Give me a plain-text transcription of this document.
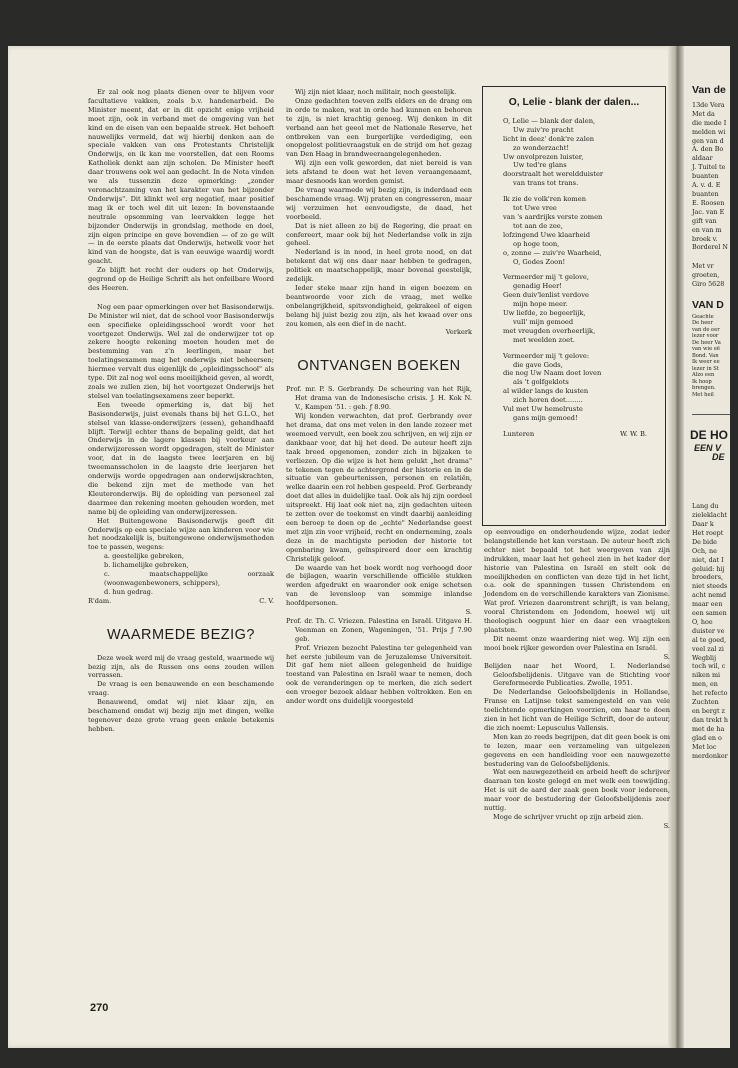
Er zal ook nog plaats dienen over te blijven voor facultatieve vakken, zoals b.v. handenarbeid. De Minister meent, dat er in dit opzicht enige vrijheid moet zijn, ook in verband met de omgeving van het kind en de eisen van een bepaalde streek. Het behoeft nauwelijks vermeld, dat wij hierbij denken aan de speciale vakken van ons Protestants Christelijk Onderwijs, en ik kan me voorstellen, dat een Rooms Katholiek denkt aan zijn scholen. De Minister heeft daar trouwens ook wel aan gedacht. In de Nota vinden we als tussenzin deze opmerking: „zonder veronachtzaming van het karakter van het bijzonder Onderwijs". Dit klinkt wel erg negatief, maar positief mag ik er toch wel dit uit lezen: In bovenstaande neutrale opsomming van leervakken legge het bijzonder Onderwijs in grondslag, methode en doel, zijn eigen principe en geve bovendien — of zo ge wilt — in de eerste plaats dat Onderwijs, hetwelk voor het kind van de hoogste, dat is van eeuwige waardij wordt geacht.

Zo blijft het recht der ouders op het Onderwijs, gegrond op de Heilige Schrift als het onfeilbare Woord des Heeren.

Nog een paar opmerkingen over het Basisonderwijs. De Minister wil niet, dat de school voor Basisonderwijs een specifieke opleidingsschool wordt voor het voortgezet Onderwijs. Wel zal de onderwijzer tot op zekere hoogte rekening moeten houden met de bestemming van z'n leerlingen, maar het toelatingsexamen mag het onderwijs niet beheersen; hiermee vervalt dus eigenlijk de „opleidingsschool" als type. Dit zal nog wel eens moeilijkheid geven, al wordt, zoals we zullen zien, bij het voortgezet Onderwijs het stelsel van toelatingsexamens zeer beperkt.

Een tweede opmerking is, dat bij het Basisonderwijs, juist evenals thans bij het G.L.O., het stelsel van klasse-onderwijzers (essen), gehandhaafd blijft. Terwijl echter thans de bepaling geldt, dat het Onderwijs in de lagere klassen bij voorkeur aan onderwijzeressen wordt opgedragen, stelt de Minister voor, dat in de laagste twee leerjaren en bij tweemansscholen in de laagste drie leerjaren het onderwijs worde opgedragen aan onderwijskrachten, die bekend zijn met de methode van het Kleuteronderwijs. Bij de opleiding van personeel zal daarmee dan rekening moeten gehouden worden, met name bij de opleiding van onderwijzeressen.

Het Buitengewone Basisonderwijs geeft dit Onderwijs op een speciale wijze aan kinderen voor wie het noodzakelijk is, buitengewone onderwijsmethoden toe te passen, wegens:

a. geestelijke gebreken,
b. lichamelijke gebreken,
c. maatschappelijke oorzaak (woonwagenbewoners, schippers),
d. hun gedrag.
R'dam.	C. V.
WAARMEDE BEZIG?

Deze week werd mij de vraag gesteld, waarmede wij bezig zijn, als de Russen ons eens zouden willen verrassen.

De vraag is een benauwende en een beschamende vraag.

Benauwend, omdat wij niet klaar zijn, en beschamend omdat wij bezig zijn met dingen, welke tegenover deze grote vraag geen enkele betekenis hebben.

Wij zijn niet klaar, noch militair, noch geestelijk.

Onze gedachten toeven zelfs elders en de drang om in orde te maken, wat in orde had kunnen en behoren te zijn, is niet krachtig genoeg. Wij denken in dit verband aan het geeol met de Nationale Reserve, het ontbreken van een burgerlijke verdediging, een onopgelost politievraagstuk en de strijd om het gezag van Den Haag in brandweeraangelegenheden.

Wij zijn een volk geworden, dat niet bereid is van iets afstand te doen wat het leven veraangenaamt, maar desnoods kan worden gemist.

De vraag waarmede wij bezig zijn, is inderdaad een beschamende vraag. Wij praten en congresseren, maar wij verzuimen het eenvoudigste, de daad, het voorbeeld.

Dat is niet alleen zo bij de Regering, die praat en confereert, maar ook bij het Nederlandse volk in zijn geheel.

Nederland is in nood, in heel grote nood, en dat betekent dat wij ons daar naar hebben te gedragen, politiek en maatschappelijk, maar bovenal geestelijk, zedelijk.

Ieder steke maar zijn hand in eigen boezem en beantwoorde voor zich de vraag, met welke onbelangrijkheid, spitsvondigheid, gekrakeel of eigen belang hij juist bezig zou zijn, als het kwaad over ons zou komen, als een dief in de nacht.

Verkerk

ONTVANGEN BOEKEN

Prof. mr. P. S. Gerbrandy. De scheuring van het Rijk, Het drama van de Indonesische crisis. J. H. Kok N. V., Kampen '51. : geb. ƒ 8.90.

Wij konden verwachten, dat prof. Gerbrandy over het drama, dat ons met velen in den lande zozeer met weemoed vervult, een boek zou schrijven, en wij zijn er dankbaar voor, dat hij het deed. De auteur heeft zijn taak breed opgenomen, zonder zich in bijzaken te verliezen. Op die wijze is het hem gelukt „het drama" te tekenen tegen de achtergrond der historie en in de situatie van gebeurtenissen, personen en relatiën, welke daarin een rol hebben gespeeld. Prof. Gerbrandy doet dat alles in duidelijke taal. Ook als hij zijn oordeel uitspreekt. Hij laat ook niet na, zijn gedachten uiteen te zetten over de toekomst en vindt daarbij aanleiding een beroep te doen op de „echte" Nederlandse geest met zijn zin voor vrijheid, recht en onderneming, zoals deze in de machtigste perioden der historie tot openbaring kwam, geïnspireerd door een krachtig Christelijk geloof.

De waarde van het boek wordt nog verhoogd door de bijlagen, waarin verschillende officiële stukken werden afgedrukt en waaronder ook enige schetsen van de levensloop van sommige inlandse hoofdpersonen.

S.

Prof. dr. Th. C. Vriezen. Palestina en Israël. Uitgave H. Veenman en Zonen, Wageningen, '51. Prijs ƒ 7.90 geb.

Prof. Vriezen bezocht Palestina ter gelegenheid van het eerste jubileum van de Jeruzalemse Universiteit. Dit gaf hem niet alleen gelegenheid de huidige toestand van Palestina en Israël waar te nemen, doch ook de veranderingen op te merken, die zich sedert een vroeger bezoek aldaar hebben voltrokken. Een en ander wordt ons duidelijk voorgesteld

O, Lelie - blank der dalen...
O, Lelie — blank der dalen,
Uw zuiv're pracht
licht in deez' donk're zalen
zo wonderzacht!
Uw onvolprezen luister,
Uw ted're glans
doorstraalt het wereldduister
van trans tot trans.
Ik zie de volk'ren komen
tot Uwe vree
van 's aardrijks verste zomen
tot aan de zee,
lofzingend Uwe klaarheid
op hoge toon,
o, zonne — zuiv're Waarheid,
O, Godes Zoon!
Vermeerder mij 't gelove,
genadig Heer!
Geen duiv'lenlist verdove
mijn hope meer.
Uw liefde, zo begeerlijk,
vull' mijn gemoed
met vreugden overheerlijk,
met weelden zoet.
Vermeerder mij 't gelove:
die gave Gods,
die nog Uw Naam doet loven
als 't golfgeklots
al wilder langs de kusten
zich horen doet........
Vul met Uw hemelruste
gans mijn gemoed!
Lunteren	W. W. B.

op eenvoudige en onderhoudende wijze, zodat ieder belangstellende het kan verstaan. De auteur heeft zich echter niet bepaald tot het weergeven van zijn indrukken, maar laat het geheel zien in het kader der historie van Palestina en Israël en stelt ook de moeilijkheden en conflicten van deze tijd in het licht, o.a. ook de spanningen tussen Christendom en Jodendom en de verschillende karakters van Zionisme. Wat prof. Vriezen daaromtrent schrijft, is van belang, vooral Christendom en Jodendom, hoewel wij uit theologisch oogpunt hier en daar een vraagteken plaatsten.

Dit neemt onze waardering niet weg. Wij zijn een mooi boek rijker geworden over Palestina en Israël.

S.

Belijden naar het Woord, I. Nederlandse Geloofsbelijdenis. Uitgave van de Stichting voor Gereformeerde Publicaties. Zwolle, 1951.

De Nederlandse Geloofsbelijdenis in Hollandse, Franse en Latijnse tekst samengesteld en van vele toelichtende opmerkingen voorzien, om haar te doen zien in het licht van de Heilige Schrift, door de auteur, die zich noemt: Lepusculus Vallensis.

Men kan zo reeds begrijpen, dat dit geen boek is om te lezen, maar een verzameling van uitgelezen gegevens en een handleiding voor een nauwgezette bestudering van de Geloofsbelijdenis.

Wat een nauwgezetheid en arbeid heeft de schrijver daaraan ten koste gelegd en met welk een toewijding. Het is uit de aard der zaak geen boek voor iedereen, maar voor de bestudering der Geloofsbelijdenis zeer nuttig.

Moge de schrijver vrucht op zijn arbeid zien.

S.

270
Van de
13de Vera
Met da
die mede I
melden wi
gen van d
A. den Bo
aldaar
J. Tuitel te
buanten
A. v. d. E
buanten
E. Roosen
Jac. van E
gift van
en van m
broek v.
Borderel N
Met vr
groeten,
Giro 5628
VAN D
Geachte
De heer
van de eer
lezer voor
De heer Va
van wie eë
Bond. Van
Ik weer ee
lezer in St
Alzo een
Ik hoop
brengen.
Met heil
DE HO
EEN V
DE
Lang du
zieleklacht
Daar k
Het roept
De bide
Och, ne
niet, dat I
geluid: hij
broeders,
niet steeds
acht nemd
maar een
een samen
O, hoe
duister ve
al te goed,
veel zal zi
Wegblij
toch wil, c
niken mi
men, en
het refecto
Zuchten
en bergt z
dan trekt h
met de ha
glad en o
Met loc
merdonker
